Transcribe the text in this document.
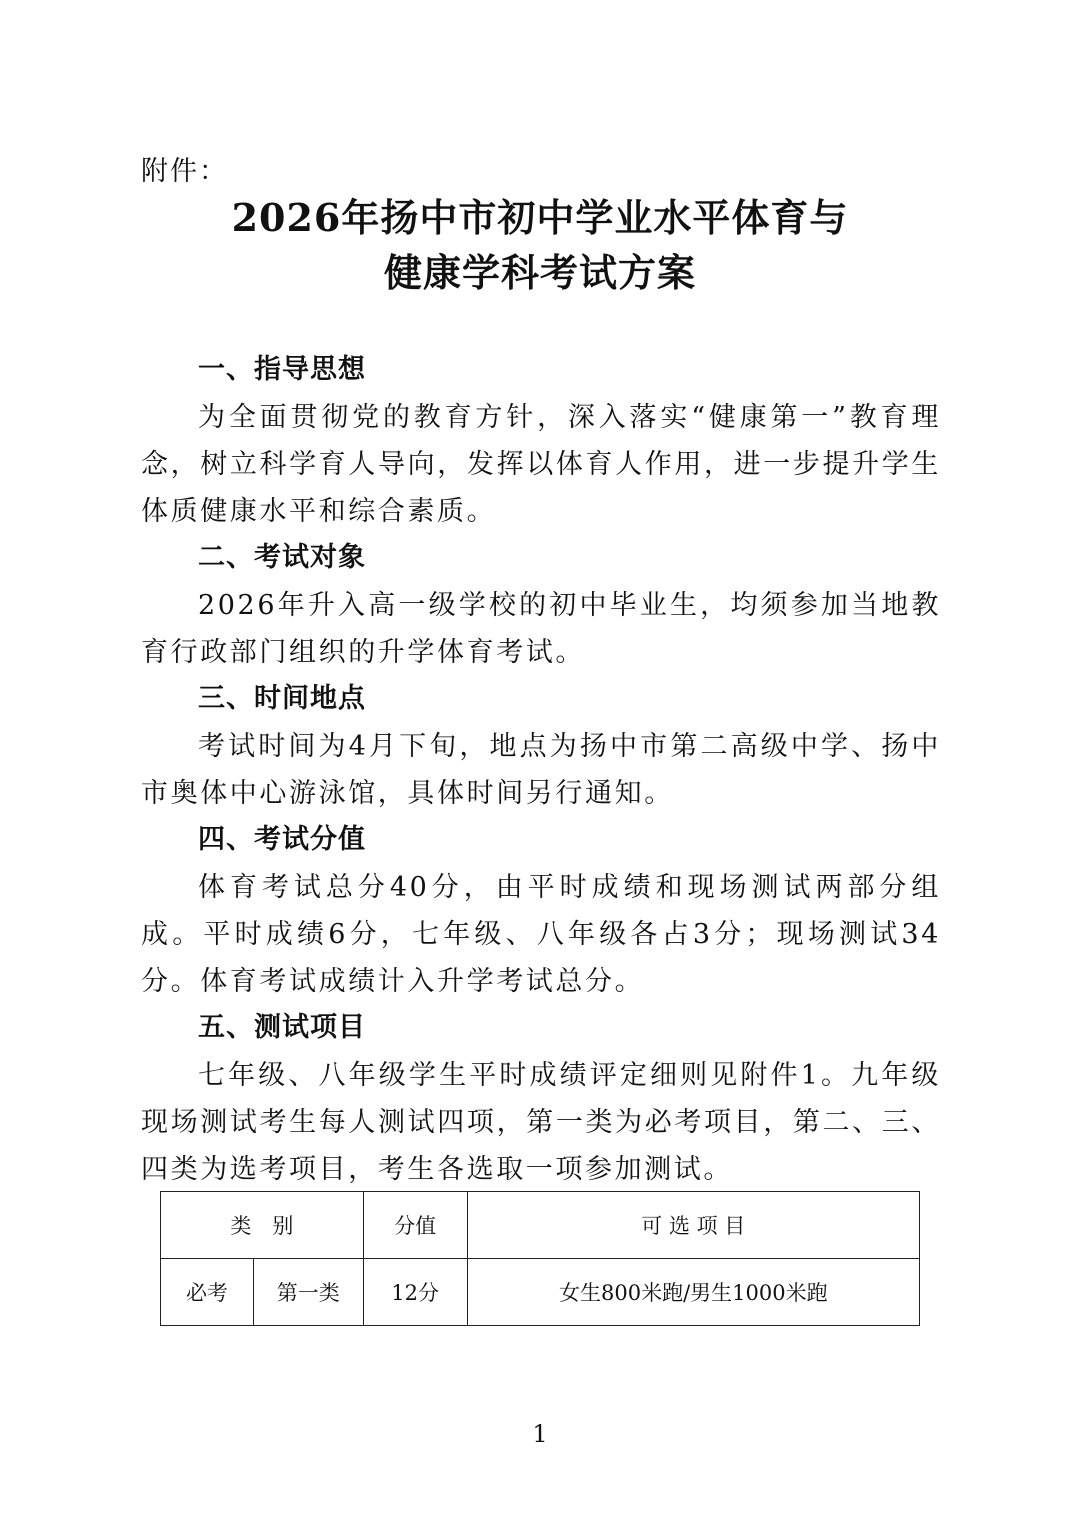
附件：
2026年扬中市初中学业水平体育与
健康学科考试方案
一、指导思想

为全面贯彻党的教育方针，深入落实“健康第一”教育理念，树立科学育人导向，发挥以体育人作用，进一步提升学生体质健康水平和综合素质。

二、考试对象

2026年升入高一级学校的初中毕业生，均须参加当地教育行政部门组织的升学体育考试。

三、时间地点

考试时间为4月下旬，地点为扬中市第二高级中学、扬中市奥体中心游泳馆，具体时间另行通知。

四、考试分值

体育考试总分40分，由平时成绩和现场测试两部分组成。平时成绩6分，七年级、八年级各占3分；现场测试34分。体育考试成绩计入升学考试总分。

五、测试项目

七年级、八年级学生平时成绩评定细则见附件1。九年级现场测试考生每人测试四项，第一类为必考项目，第二、三、四类为选考项目，考生各选取一项参加测试。

类　别		分值	可 选 项 目
必考	第一类	12分	女生800米跑/男生1000米跑
1
